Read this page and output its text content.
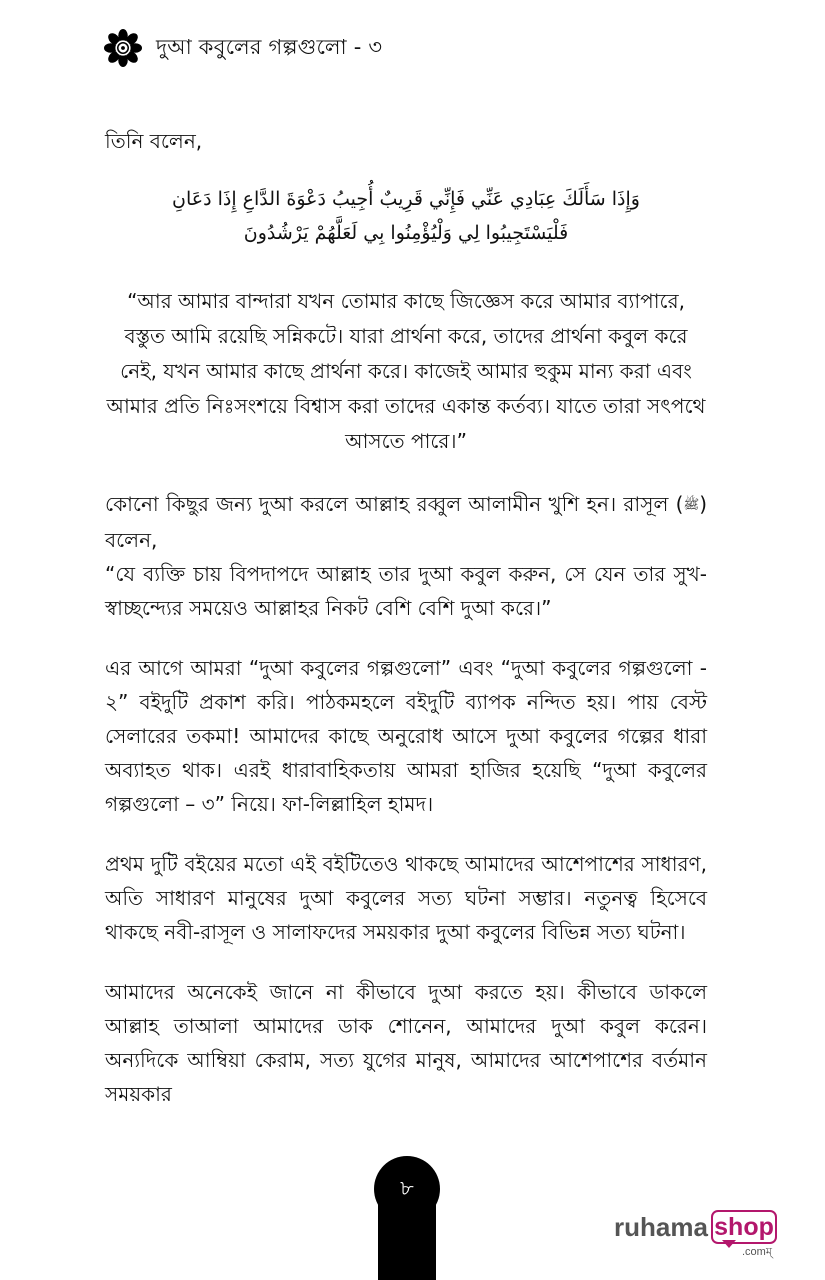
দুআ কবুলের গল্পগুলো - ৩

তিনি বলেন,

وَإِذَا سَأَلَكَ عِبَادِي عَنِّي فَإِنِّي قَرِيبٌ أُجِيبُ دَعْوَةَ الدَّاعِ إِذَا دَعَانِ
فَلْيَسْتَجِيبُوا لِي وَلْيُؤْمِنُوا بِي لَعَلَّهُمْ يَرْشُدُونَ

“আর আমার বান্দারা যখন তোমার কাছে জিজ্ঞেস করে আমার ব্যাপারে, বস্তুত আমি রয়েছি সন্নিকটে। যারা প্রার্থনা করে, তাদের প্রার্থনা কবুল করে নেই, যখন আমার কাছে প্রার্থনা করে। কাজেই আমার হুকুম মান্য করা এবং আমার প্রতি নিঃসংশয়ে বিশ্বাস করা তাদের একান্ত কর্তব্য। যাতে তারা সৎপথে আসতে পারে।”

কোনো কিছুর জন্য দুআ করলে আল্লাহ রব্বুল আলামীন খুশি হন। রাসূল (ﷺ) বলেন,
“যে ব্যক্তি চায় বিপদাপদে আল্লাহ তার দুআ কবুল করুন, সে যেন তার সুখ-স্বাচ্ছন্দ্যের সময়েও আল্লাহর নিকট বেশি বেশি দুআ করে।”

এর আগে আমরা “দুআ কবুলের গল্পগুলো” এবং “দুআ কবুলের গল্পগুলো - ২” বইদুটি প্রকাশ করি। পাঠকমহলে বইদুটি ব্যাপক নন্দিত হয়। পায় বেস্ট সেলারের তকমা! আমাদের কাছে অনুরোধ আসে দুআ কবুলের গল্পের ধারা অব্যাহত থাক। এরই ধারাবাহিকতায় আমরা হাজির হয়েছি “দুআ কবুলের গল্পগুলো – ৩” নিয়ে। ফা-লিল্লাহিল হামদ।

প্রথম দুটি বইয়ের মতো এই বইটিতেও থাকছে আমাদের আশেপাশের সাধারণ, অতি সাধারণ মানুষের দুআ কবুলের সত্য ঘটনা সম্ভার। নতুনত্ব হিসেবে থাকছে নবী-রাসূল ও সালাফদের সময়কার দুআ কবুলের বিভিন্ন সত্য ঘটনা।

আমাদের অনেকেই জানে না কীভাবে দুআ করতে হয়। কীভাবে ডাকলে আল্লাহ তাআলা আমাদের ডাক শোনেন, আমাদের দুআ কবুল করেন। অন্যদিকে আম্বিয়া কেরাম, সত্য যুগের মানুষ, আমাদের আশেপাশের বর্তমান সময়কার

৮
ruhama shop
.comম্
